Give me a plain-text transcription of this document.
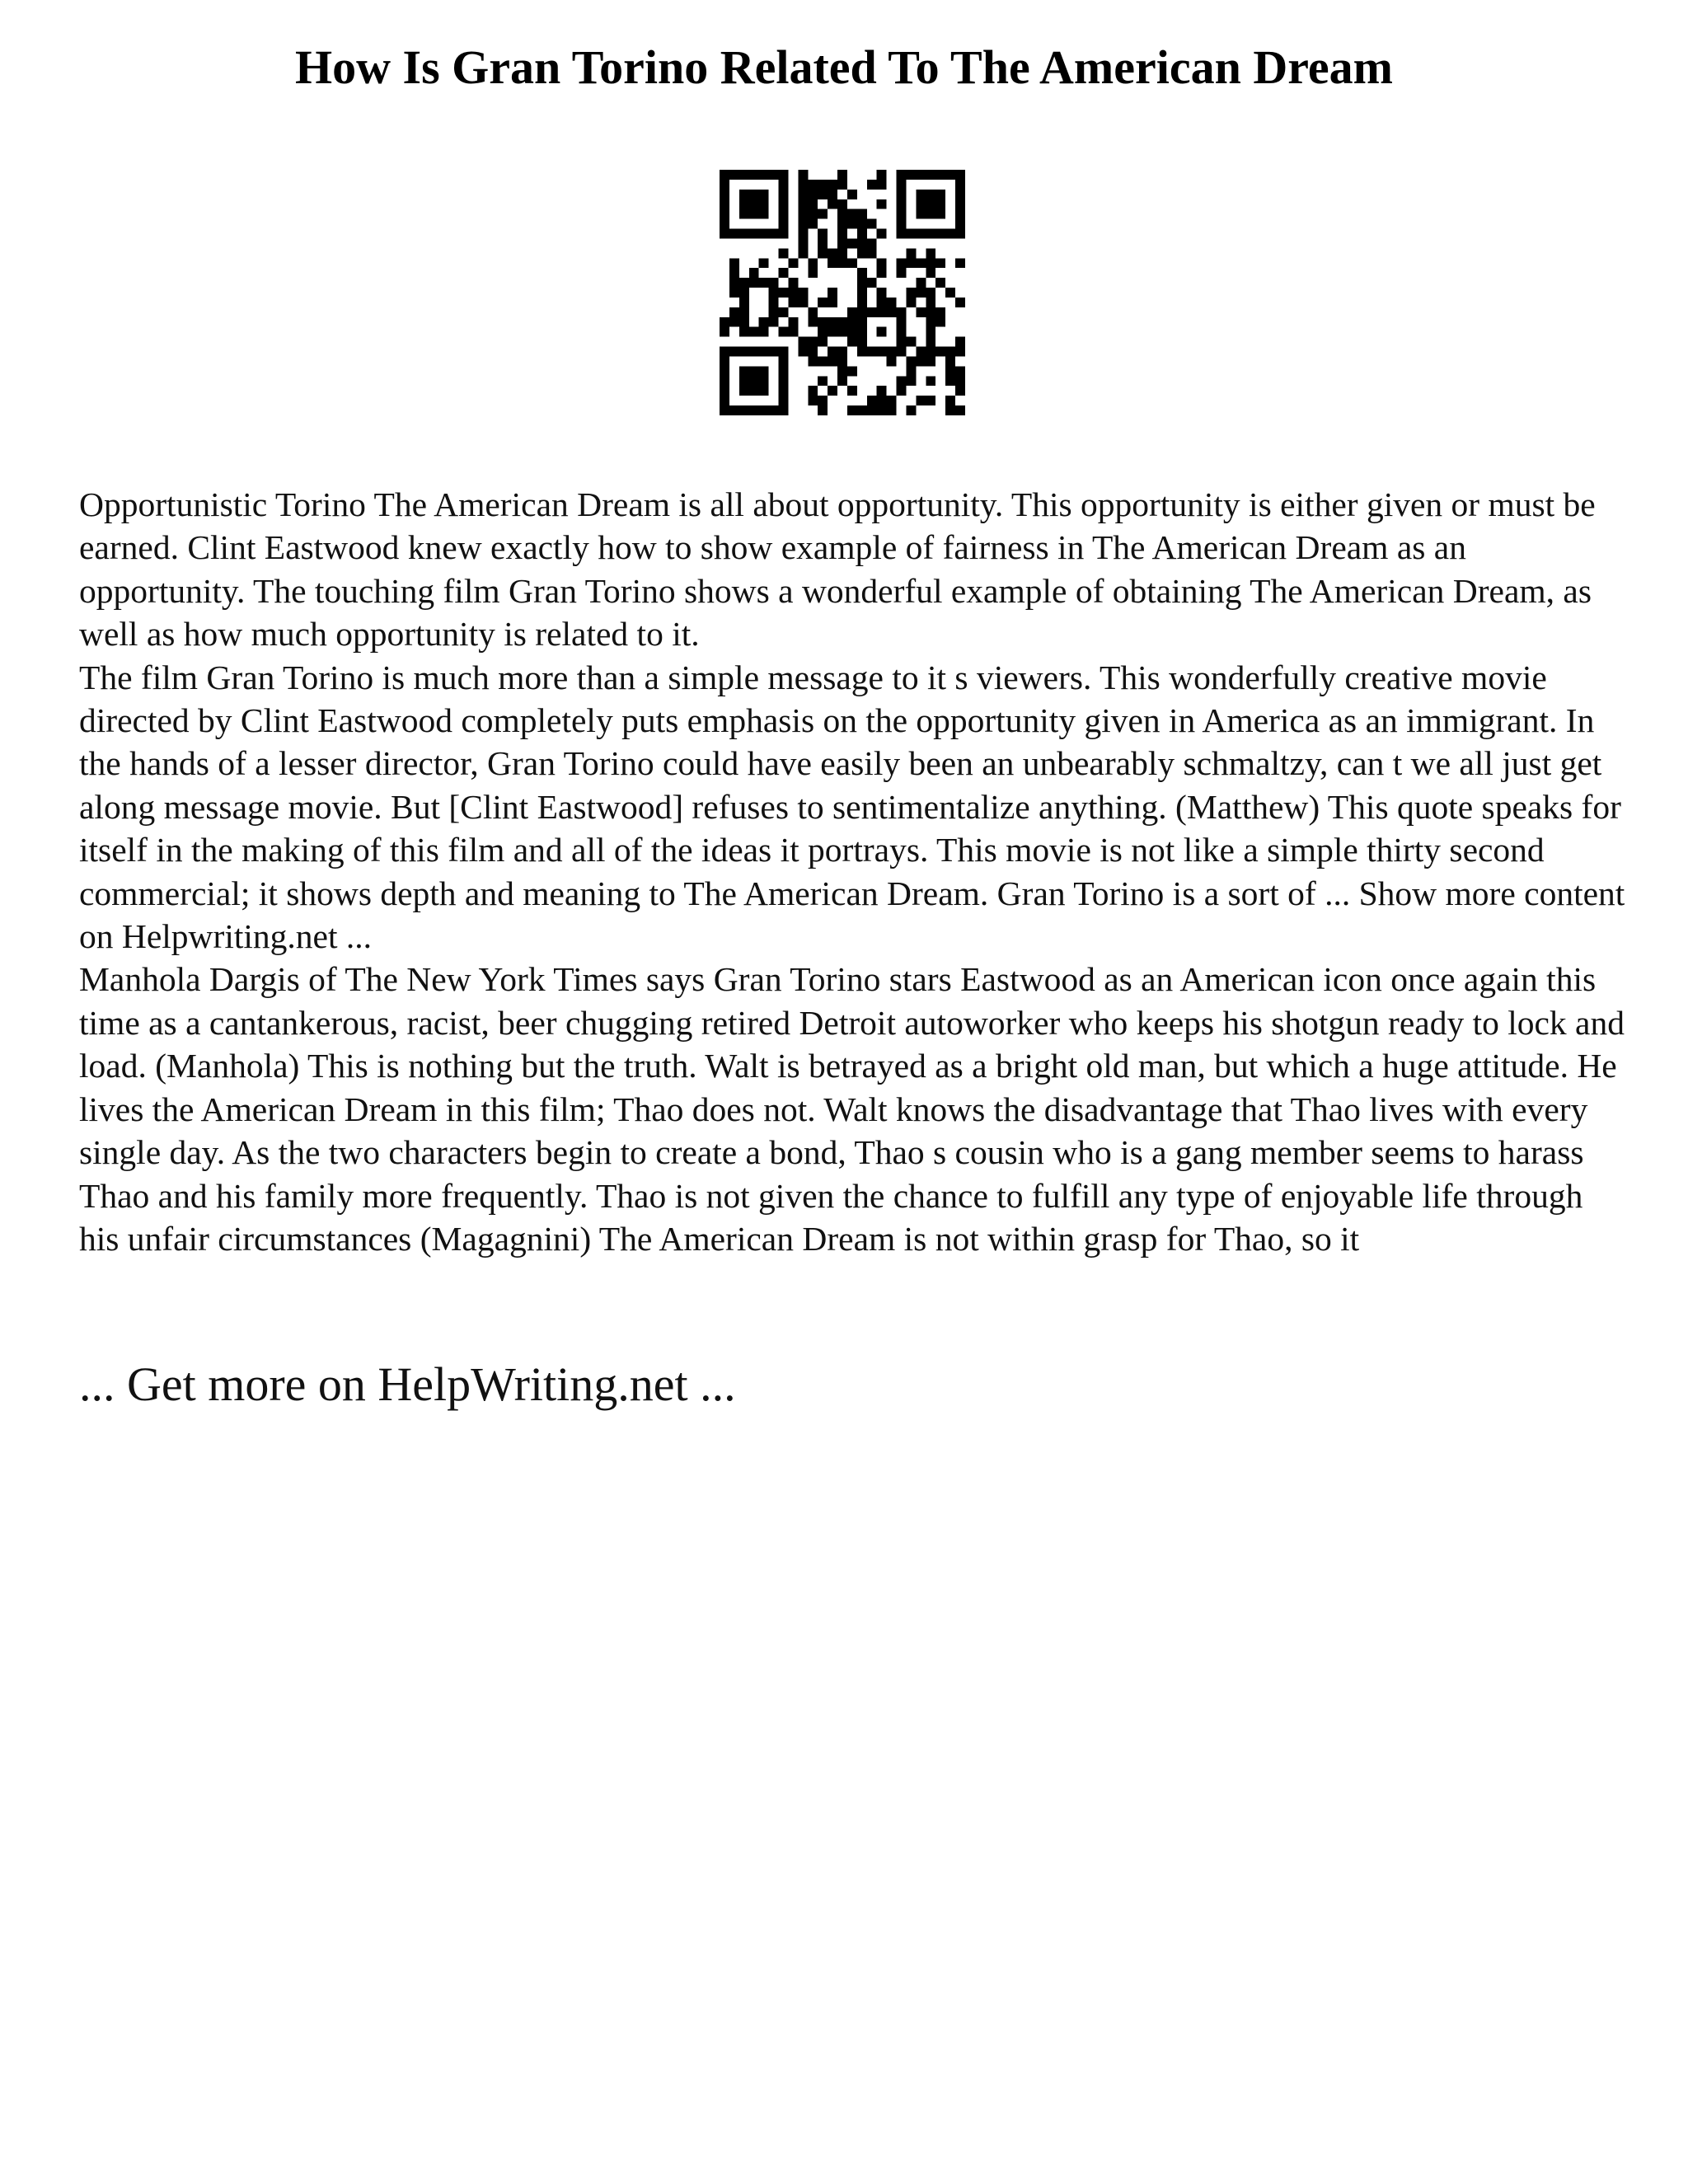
How Is Gran Torino Related To The American Dream

Opportunistic Torino The American Dream is all about opportunity. This opportunity is either given or must be earned. Clint Eastwood knew exactly how to show example of fairness in The American Dream as an opportunity. The touching film Gran Torino shows a wonderful example of obtaining The American Dream, as well as how much opportunity is related to it.

The film Gran Torino is much more than a simple message to it s viewers. This wonderfully creative movie directed by Clint Eastwood completely puts emphasis on the opportunity given in America as an immigrant. In the hands of a lesser director, Gran Torino could have easily been an unbearably schmaltzy, can t we all just get along message movie. But [Clint Eastwood] refuses to sentimentalize anything. (Matthew) This quote speaks for itself in the making of this film and all of the ideas it portrays. This movie is not like a simple thirty second commercial; it shows depth and meaning to The American Dream. Gran Torino is a sort of ... Show more content on Helpwriting.net ...

Manhola Dargis of The New York Times says Gran Torino stars Eastwood as an American icon once again this time as a cantankerous, racist, beer chugging retired Detroit autoworker who keeps his shotgun ready to lock and load. (Manhola) This is nothing but the truth. Walt is betrayed as a bright old man, but which a huge attitude. He lives the American Dream in this film; Thao does not. Walt knows the disadvantage that Thao lives with every single day. As the two characters begin to create a bond, Thao s cousin who is a gang member seems to harass Thao and his family more frequently. Thao is not given the chance to fulfill any type of enjoyable life through his unfair circumstances (Magagnini) The American Dream is not within grasp for Thao, so it

... Get more on HelpWriting.net ...
